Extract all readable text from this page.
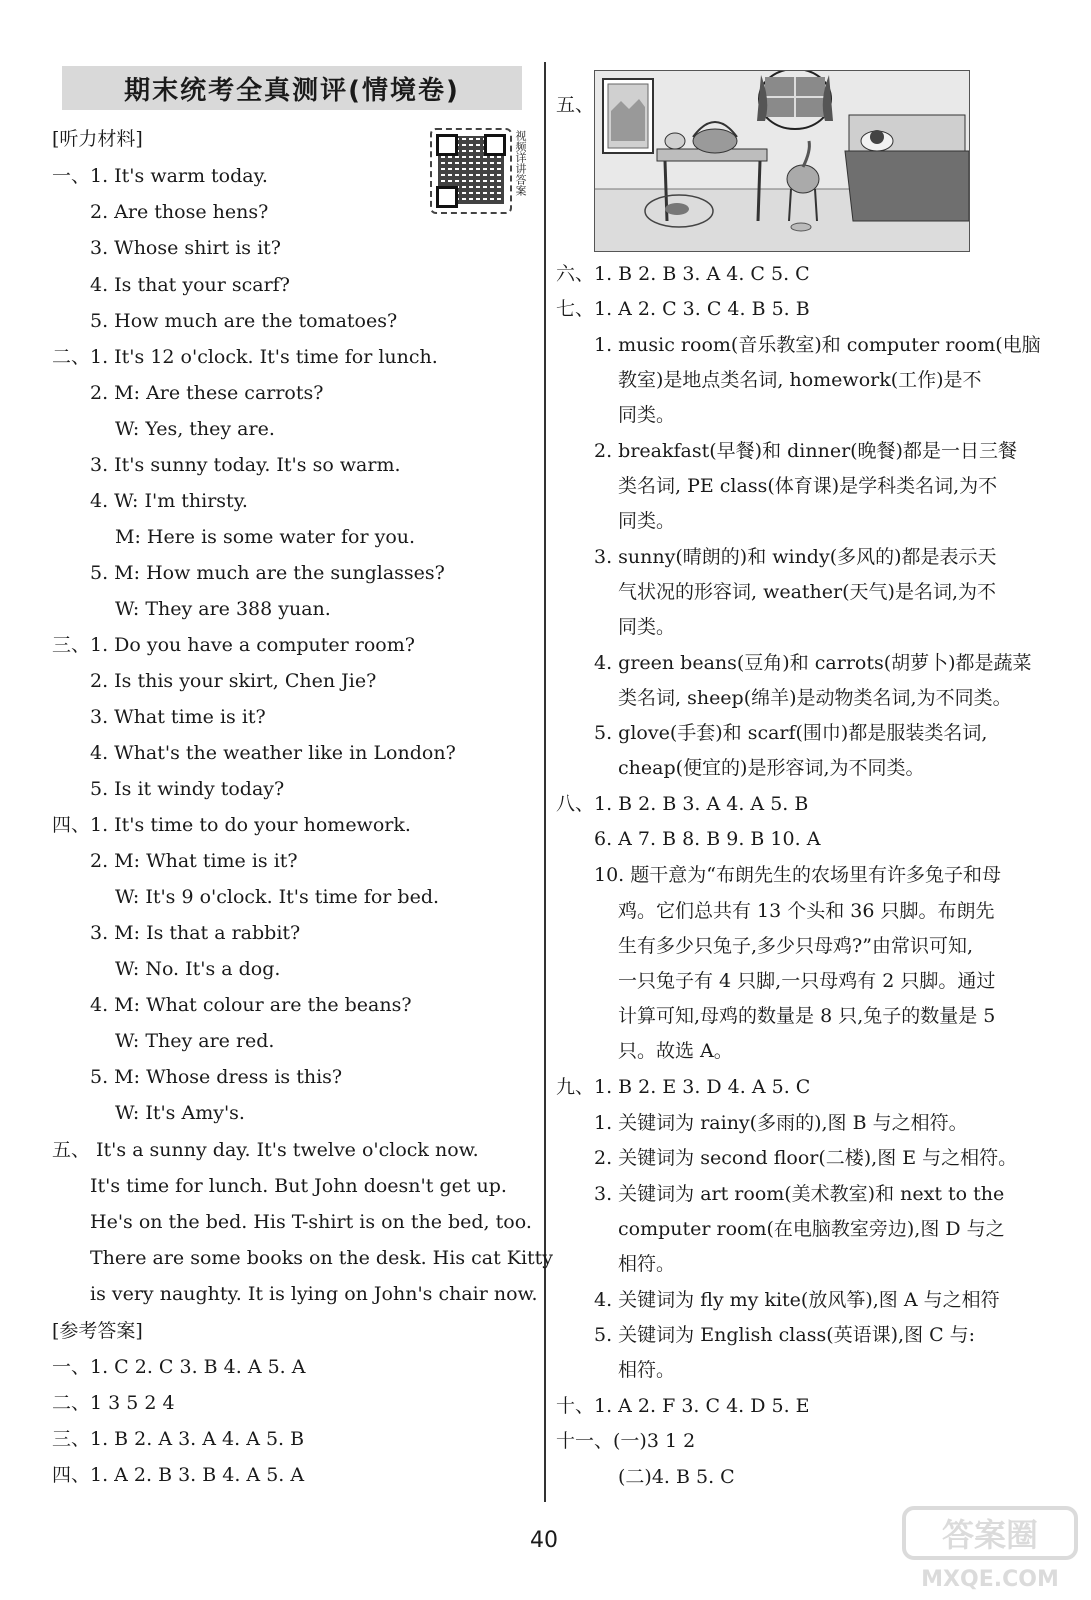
期末统考全真测评(情境卷)
视频详讲答案
[听力材料]
一、1. It's warm today.
2. Are those hens?
3. Whose shirt is it?
4. Is that your scarf?
5. How much are the tomatoes?
二、1. It's 12 o'clock. It's time for lunch.
2. M: Are these carrots?
W: Yes, they are.
3. It's sunny today. It's so warm.
4. W: I'm thirsty.
M: Here is some water for you.
5. M: How much are the sunglasses?
W: They are 388 yuan.
三、1. Do you have a computer room?
2. Is this your skirt, Chen Jie?
3. What time is it?
4. What's the weather like in London?
5. Is it windy today?
四、1. It's time to do your homework.
2. M: What time is it?
W: It's 9 o'clock. It's time for bed.
3. M: Is that a rabbit?
W: No. It's a dog.
4. M: What colour are the beans?
W: They are red.
5. M: Whose dress is this?
W: It's Amy's.
五、 It's a sunny day. It's twelve o'clock now.
It's time for lunch. But John doesn't get up.
He's on the bed. His T-shirt is on the bed, too.
There are some books on the desk. His cat Kitty
is very naughty. It is lying on John's chair now.
[参考答案]
一、1. C 2. C 3. B 4. A 5. A
二、1 3 5 2 4
三、1. B 2. A 3. A 4. A 5. B
四、1. A 2. B 3. B 4. A 5. A
五、
六、1. B 2. B 3. A 4. C 5. C
七、1. A 2. C 3. C 4. B 5. B
1. music room(音乐教室)和 computer room(电脑
教室)是地点类名词, homework(工作)是不
同类。
2. breakfast(早餐)和 dinner(晚餐)都是一日三餐
类名词, PE class(体育课)是学科类名词,为不
同类。
3. sunny(晴朗的)和 windy(多风的)都是表示天
气状况的形容词, weather(天气)是名词,为不
同类。
4. green beans(豆角)和 carrots(胡萝卜)都是蔬菜
类名词, sheep(绵羊)是动物类名词,为不同类。
5. glove(手套)和 scarf(围巾)都是服装类名词,
cheap(便宜的)是形容词,为不同类。
八、1. B 2. B 3. A 4. A 5. B
6. A 7. B 8. B 9. B 10. A
10. 题干意为“布朗先生的农场里有许多兔子和母
鸡。它们总共有 13 个头和 36 只脚。布朗先
生有多少只兔子,多少只母鸡?”由常识可知,
一只兔子有 4 只脚,一只母鸡有 2 只脚。通过
计算可知,母鸡的数量是 8 只,兔子的数量是 5
只。故选 A。
九、1. B 2. E 3. D 4. A 5. C
1. 关键词为 rainy(多雨的),图 B 与之相符。
2. 关键词为 second floor(二楼),图 E 与之相符。
3. 关键词为 art room(美术教室)和 next to the
computer room(在电脑教室旁边),图 D 与之
相符。
4. 关键词为 fly my kite(放风筝),图 A 与之相符
5. 关键词为 English class(英语课),图 C 与:
相符。
十、1. A 2. F 3. C 4. D 5. E
十一、(一)3 1 2
(二)4. B 5. C
40	答案圈
MXQE.COM
